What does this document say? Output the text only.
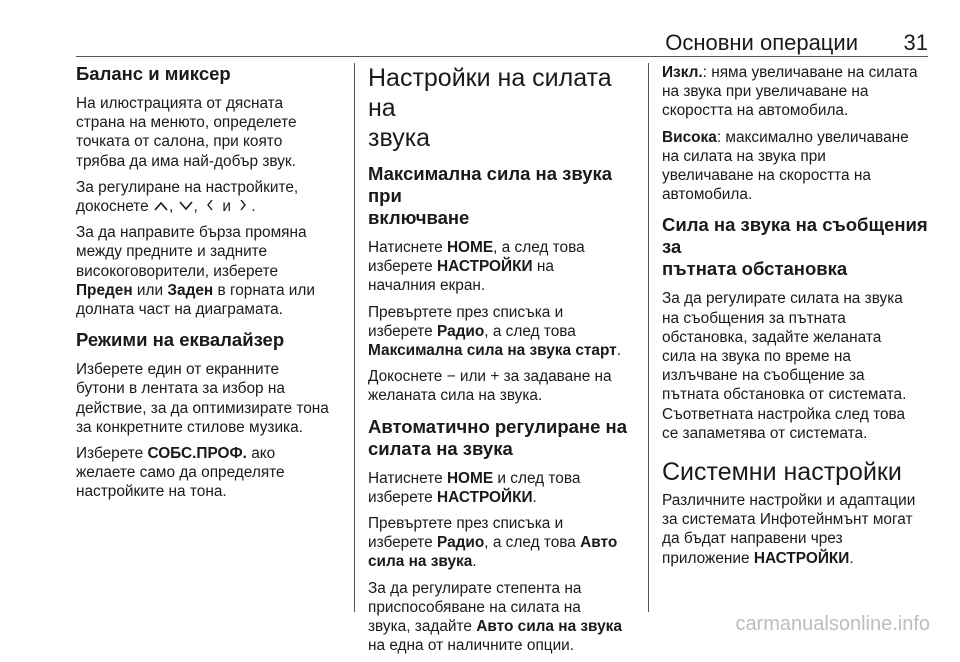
Основни операции 31
Баланс и миксер

На илюстрацията от дясната
страна на менюто, определете
точката от салона, при която
трябва да има най-добър звук.

За регулиране на настройките,
докоснете , ,  и .

За да направите бърза промяна
между предните и задните
високоговорители, изберете
Преден или Заден в горната или
долната част на диаграмата.

Режими на еквалайзер

Изберете един от екранните
бутони в лентата за избор на
действие, за да оптимизирате тона
за конкретните стилове музика.

Изберете СОБС.ПРОФ. ако
желаете само да определяте
настройките на тона.

Настройки на силата на
звука
Максимална сила на звука при
включване

Натиснете HOME, а след това
изберете НАСТРОЙКИ на
началния екран.

Превъртете през списъка и
изберете Радио, а след това
Максимална сила на звука старт.

Докоснете − или + за задаване на
желаната сила на звука.

Автоматично регулиране на
силата на звука

Натиснете HOME и след това
изберете НАСТРОЙКИ.

Превъртете през списъка и
изберете Радио, а след това Авто
сила на звука.

За да регулирате степента на
приспособяване на силата на
звука, задайте Авто сила на звука
на една от наличните опции.

Изкл.: няма увеличаване на силата
на звука при увеличаване на
скоростта на автомобила.

Висока: максимално увеличаване
на силата на звука при
увеличаване на скоростта на
автомобила.

Сила на звука на съобщения за
пътната обстановка

За да регулирате силата на звука
на съобщения за пътната
обстановка, задайте желаната
сила на звука по време на
излъчване на съобщение за
пътната обстановка от системата.
Съответната настройка след това
се запаметява от системата.

Системни настройки

Различните настройки и адаптации
за системата Инфотейнмънт могат
да бъдат направени чрез
приложение НАСТРОЙКИ.

carmanualsonline.info
